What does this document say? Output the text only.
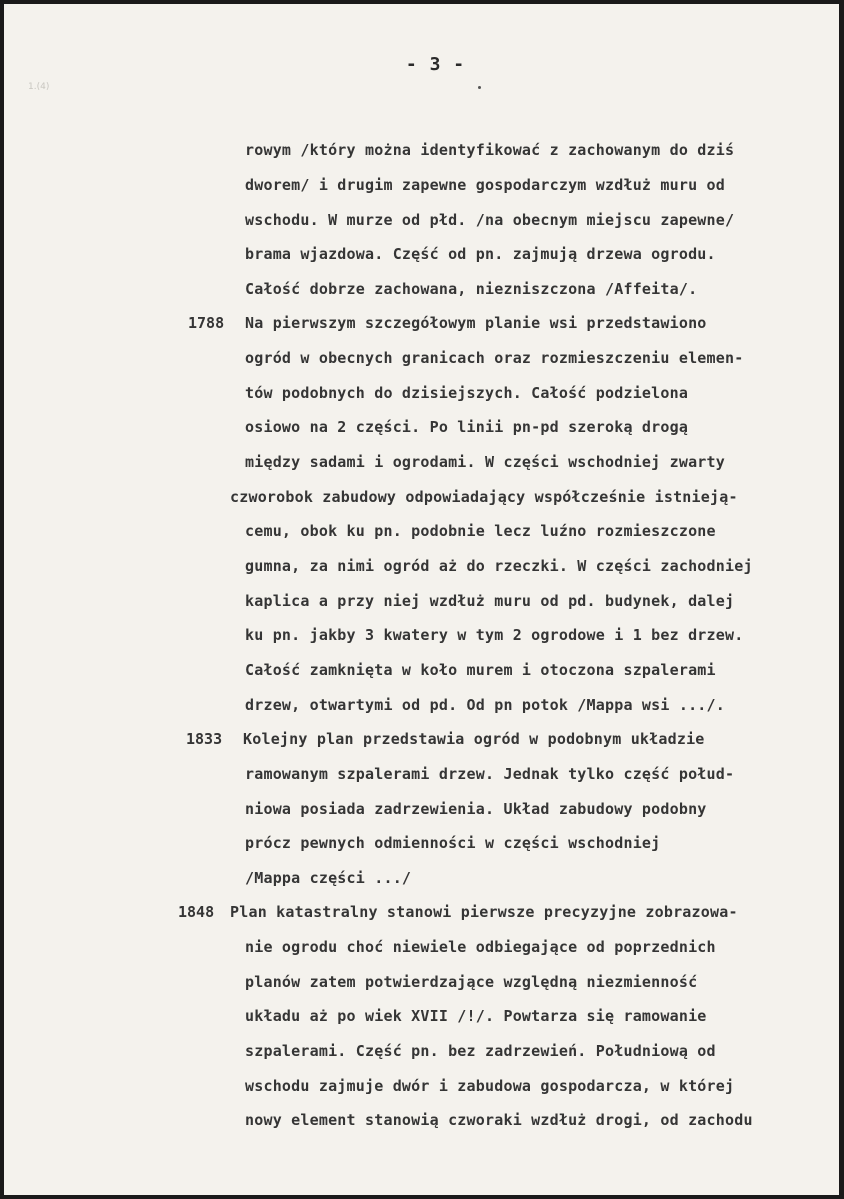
1.(4)
- 3 -
rowym /który można identyfikować z zachowanym do dziś
dworem/ i drugim zapewne gospodarczym wzdłuż muru od
wschodu. W murze od płd. /na obecnym miejscu zapewne/
brama wjazdowa. Część od pn. zajmują drzewa ogrodu.
Całość dobrze zachowana, niezniszczona /Affeita/.
1788 Na pierwszym szczegółowym planie wsi przedstawiono
ogród w obecnych granicach oraz rozmieszczeniu elemen-
tów podobnych do dzisiejszych. Całość podzielona
osiowo na 2 części. Po linii pn-pd szeroką drogą
między sadami i ogrodami. W części wschodniej zwarty
czworobok zabudowy odpowiadający współcześnie istnieją-
cemu, obok ku pn. podobnie lecz luźno rozmieszczone
gumna, za nimi ogród aż do rzeczki. W części zachodniej
kaplica a przy niej wzdłuż muru od pd. budynek, dalej
ku pn. jakby 3 kwatery w tym 2 ogrodowe i 1 bez drzew.
Całość zamknięta w koło murem i otoczona szpalerami
drzew, otwartymi od pd. Od pn potok /Mappa wsi .../.
1833 Kolejny plan przedstawia ogród w podobnym układzie
ramowanym szpalerami drzew. Jednak tylko część połud-
niowa posiada zadrzewienia. Układ zabudowy podobny
prócz pewnych odmienności w części wschodniej
/Mappa części .../
1848 Plan katastralny stanowi pierwsze precyzyjne zobrazowa-
nie ogrodu choć niewiele odbiegające od poprzednich
planów zatem potwierdzające względną niezmienność
układu aż po wiek XVII /!/. Powtarza się ramowanie
szpalerami. Część pn. bez zadrzewień. Południową od
wschodu zajmuje dwór i zabudowa gospodarcza, w której
nowy element stanowią czworaki wzdłuż drogi, od zachodu
